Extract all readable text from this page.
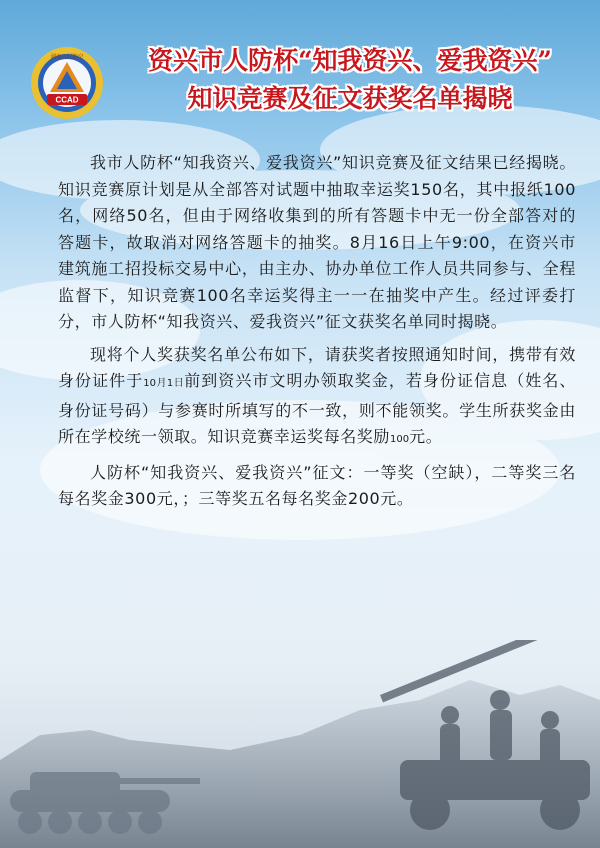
CCAD
湖南人民防空	资兴市人防杯“知我资兴、爱我资兴”
知识竞赛及征文获奖名单揭晓

我市人防杯“知我资兴、爱我资兴”知识竞赛及征文结果已经揭晓。知识竞赛原计划是从全部答对试题中抽取幸运奖150名，其中报纸100名，网络50名，但由于网络收集到的所有答题卡中无一份全部答对的答题卡，故取消对网络答题卡的抽奖。8月16日上午9:00，在资兴市建筑施工招投标交易中心，由主办、协办单位工作人员共同参与、全程监督下，知识竞赛100名幸运奖得主一一在抽奖中产生。经过评委打分，市人防杯“知我资兴、爱我资兴”征文获奖名单同时揭晓。

现将个人奖获奖名单公布如下，请获奖者按照通知时间，携带有效身份证件于10月1日前到资兴市文明办领取奖金，若身份证信息（姓名、身份证号码）与参赛时所填写的不一致，则不能领奖。学生所获奖金由所在学校统一领取。知识竞赛幸运奖每名奖励100元。

人防杯“知我资兴、爱我资兴”征文：一等奖（空缺），二等奖三名每名奖金300元，；三等奖五名每名奖金200元。
